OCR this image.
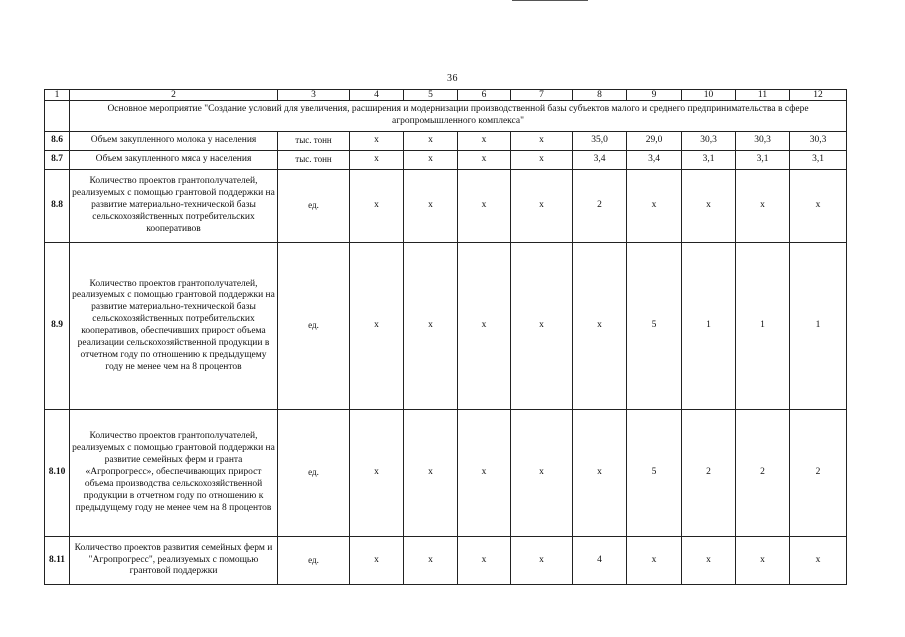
36
1	2	3	4	5	6	7	8	9	10	11	12
	Основное мероприятие "Создание условий для увеличения, расширения и модернизации производственной базы субъектов малого и среднего предпринимательства в сфере агропромышленного комплекса"										
8.6	Объем закупленного молока у населения	тыс. тонн	х	х	х	х	35,0	29,0	30,3	30,3	30,3
8.7	Объем закупленного мяса у населения	тыс. тонн	х	х	х	х	3,4	3,4	3,1	3,1	3,1
8.8	Количество проектов грантополучателей, реализуемых с помощью грантовой поддержки на развитие материально-технической базы сельскохозяйственных потребительских кооперативов	ед.	х	х	х	х	2	х	х	х	х
8.9	Количество проектов грантополучателей, реализуемых с помощью грантовой поддержки на развитие материально-технической базы сельскохозяйственных потребительских кооперативов, обеспечивших прирост объема реализации сельскохозяйственной продукции в отчетном году по отношению к предыдущему году не менее чем на 8 процентов	ед.	х	х	х	х	х	5	1	1	1
8.10	Количество проектов грантополучателей, реализуемых с помощью грантовой поддержки на развитие семейных ферм и гранта «Агропрогресс», обеспечивающих прирост объема производства сельскохозяйственной продукции в отчетном году по отношению к предыдущему году не менее чем на 8 процентов	ед.	х	х	х	х	х	5	2	2	2
8.11	Количество проектов развития семейных ферм и "Агропрогресс", реализуемых с помощью грантовой поддержки	ед.	х	х	х	х	4	х	х	х	х
